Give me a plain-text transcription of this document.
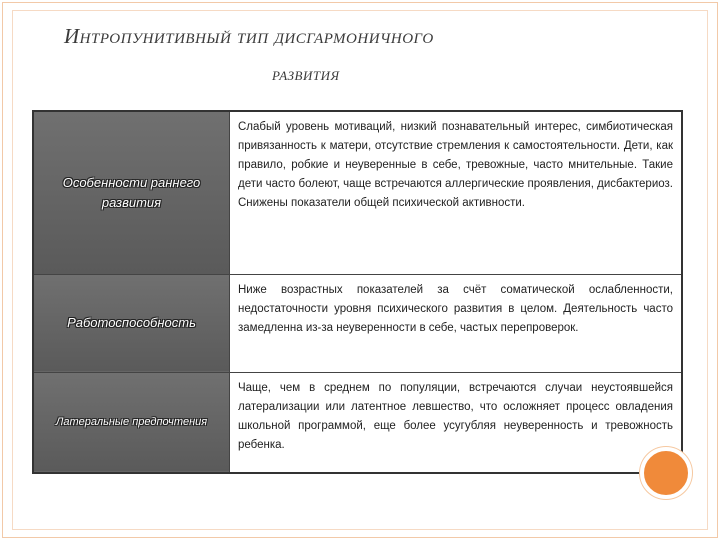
Интропунитивный тип дисгармоничного
развития
Особенности раннего развития	Слабый уровень мотиваций, низкий познавательный интерес, симбиотическая привязанность к матери, отсутствие стремления к самостоятельности. Дети, как правило, робкие и неуверенные в себе, тревожные, часто мнительные. Такие дети часто болеют, чаще встречаются аллергические проявления, дисбактериоз. Снижены показатели общей психической активности.
Работоспособность	Ниже возрастных показателей за счёт соматической ослабленности, недостаточности уровня психического развития в целом. Деятельность часто замедленна из-за неуверенности в себе, частых перепроверок.
Латеральные предпочтения	Чаще, чем в среднем по популяции, встречаются случаи неустоявшейся латерализации или латентное левшество, что осложняет процесс овладения школьной программой, еще более усугубляя неуверенность и тревожность ребенка.
